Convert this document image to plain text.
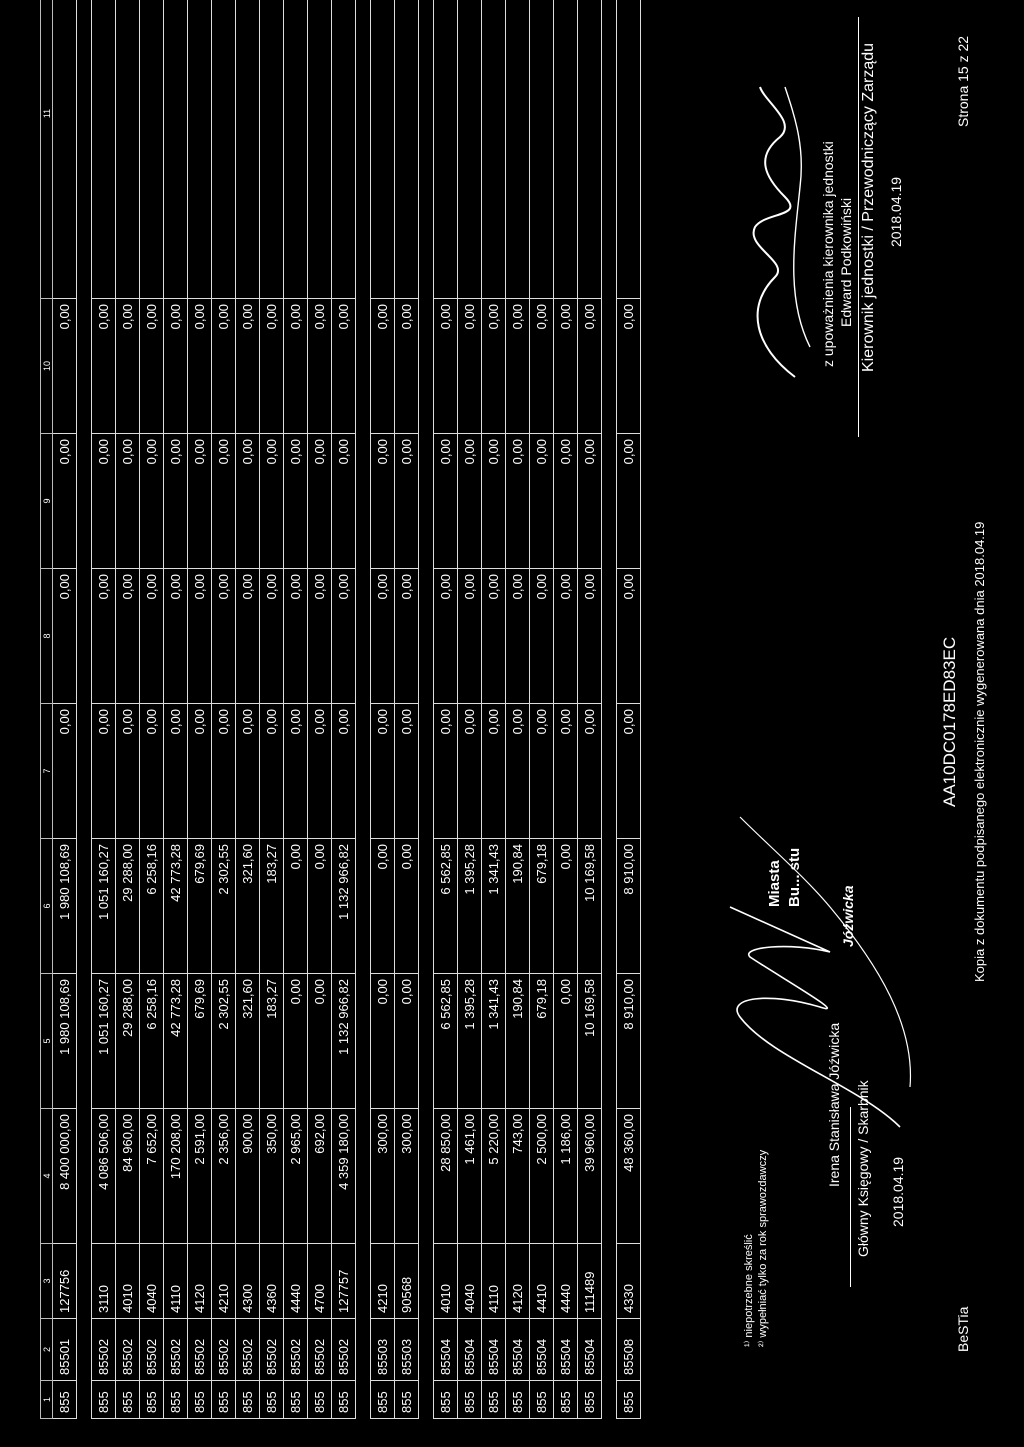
1	2	3	4	5	6	7	8	9	10	11
855	85501	127756	8 400 000,00	1 980 108,69	1 980 108,69	0,00	0,00	0,00	0,00	

855	85502	3110	4 086 506,00	1 051 160,27	1 051 160,27	0,00	0,00	0,00	0,00	
855	85502	4010	84 960,00	29 288,00	29 288,00	0,00	0,00	0,00	0,00	
855	85502	4040	7 652,00	6 258,16	6 258,16	0,00	0,00	0,00	0,00	
855	85502	4110	170 208,00	42 773,28	42 773,28	0,00	0,00	0,00	0,00	
855	85502	4120	2 591,00	679,69	679,69	0,00	0,00	0,00	0,00	
855	85502	4210	2 356,00	2 302,55	2 302,55	0,00	0,00	0,00	0,00	
855	85502	4300	900,00	321,60	321,60	0,00	0,00	0,00	0,00	
855	85502	4360	350,00	183,27	183,27	0,00	0,00	0,00	0,00	
855	85502	4440	2 965,00	0,00	0,00	0,00	0,00	0,00	0,00	
855	85502	4700	692,00	0,00	0,00	0,00	0,00	0,00	0,00	
855	85502	127757	4 359 180,00	1 132 966,82	1 132 966,82	0,00	0,00	0,00	0,00	

855	85503	4210	300,00	0,00	0,00	0,00	0,00	0,00	0,00	
855	85503	90568	300,00	0,00	0,00	0,00	0,00	0,00	0,00	

855	85504	4010	28 850,00	6 562,85	6 562,85	0,00	0,00	0,00	0,00	
855	85504	4040	1 461,00	1 395,28	1 395,28	0,00	0,00	0,00	0,00	
855	85504	4110	5 220,00	1 341,43	1 341,43	0,00	0,00	0,00	0,00	
855	85504	4120	743,00	190,84	190,84	0,00	0,00	0,00	0,00	
855	85504	4410	2 500,00	679,18	679,18	0,00	0,00	0,00	0,00	
855	85504	4440	1 186,00	0,00	0,00	0,00	0,00	0,00	0,00	
855	85504	111489	39 960,00	10 169,58	10 169,58	0,00	0,00	0,00	0,00	

855	85508	4330	48 360,00	8 910,00	8 910,00	0,00	0,00	0,00	0,00	
¹⁾ niepotrzebne skreślić ²⁾ wypełniać tylko za rok sprawozdawczy
Irena Stanisława Jóźwicka Główny Księgowy / Skarbnik 2018.04.19
Miasta Bu... stu
Jóźwicka
AA10DC0178ED83EC Kopia z dokumentu podpisanego elektronicznie wygenerowana dnia 2018.04.19
z upoważnienia kierownika jednostki Edward Podkowiński Kierownik jednostki / Przewodniczący Zarządu 2018.04.19
BeSTia
Strona 15 z 22
